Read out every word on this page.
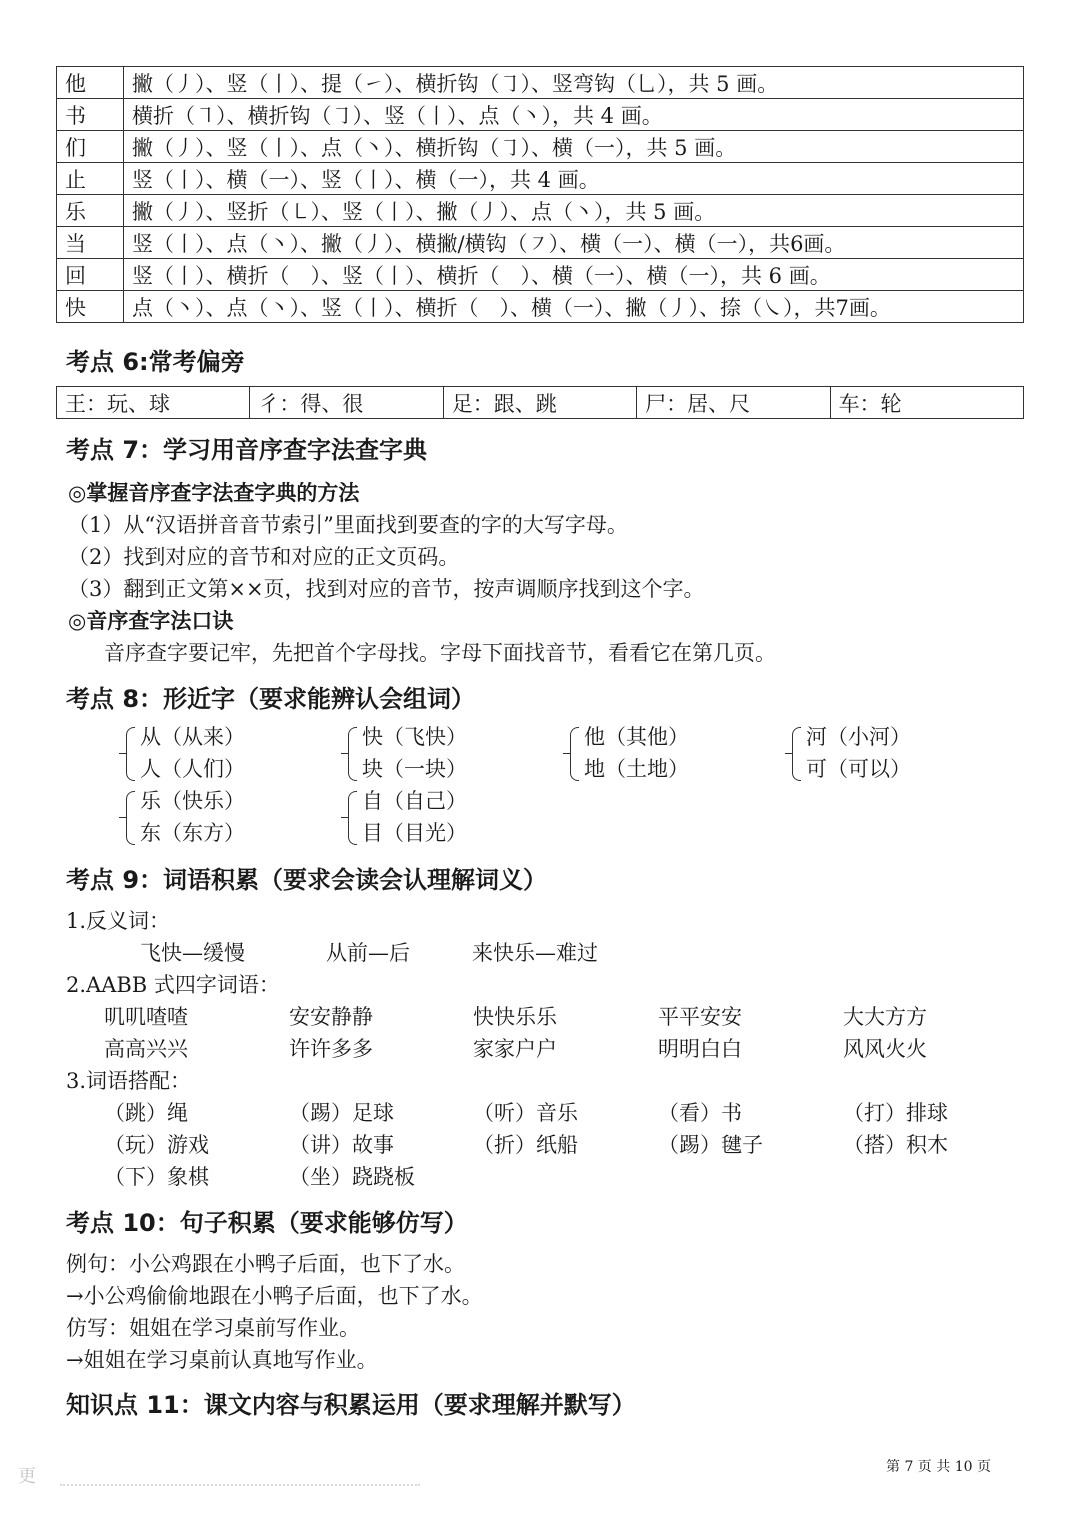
他	撇（丿）、竖（丨）、提（㇀）、横折钩（㇆）、竖弯钩（乚），共 5 画。
书	横折（㇕）、横折钩（㇆）、竖（丨）、点（丶），共 4 画。
们	撇（丿）、竖（丨）、点（丶）、横折钩（㇆）、横（一），共 5 画。
止	竖（丨）、横（一）、竖（丨）、横（一），共 4 画。
乐	撇（丿）、竖折（㇄）、竖（丨）、撇（丿）、点（丶），共 5 画。
当	竖（丨）、点（丶）、撇（丿）、横撇/横钩（㇇）、横（一）、横（一），共6画。
回	竖（丨）、横折（　）、竖（丨）、横折（　）、横（一）、横（一），共 6 画。
快	点（丶）、点（丶）、竖（丨）、横折（　）、横（一）、撇（丿）、捺（㇏），共7画。
考点 6:常考偏旁
王：玩、球	彳：得、很	足：跟、跳	尸：居、尺	车：轮
考点 7：学习用音序查字法查字典
◎掌握音序查字法查字典的方法
（1）从“汉语拼音音节索引”里面找到要查的字的大写字母。
（2）找到对应的音节和对应的正文页码。
（3）翻到正文第××页，找到对应的音节，按声调顺序找到这个字。
◎音序查字法口诀
音序查字要记牢，先把首个字母找。字母下面找音节，看看它在第几页。
考点 8：形近字（要求能辨认会组词）
从（从来）
人（人们）
快（飞快）
块（一块）
他（其他）
地（土地）
河（小河）
可（可以）
乐（快乐）
东（东方）
自（自己）
目（目光）
考点 9：词语积累（要求会读会认理解词义）
1.反义词：
飞快—缓慢	从前—后	来快乐—难过
2.AABB 式四字词语：
叽叽喳喳	安安静静	快快乐乐	平平安安	大大方方
高高兴兴	许许多多	家家户户	明明白白	风风火火
3.词语搭配：
（跳）绳	（踢）足球	（听）音乐	（看）书	（打）排球
（玩）游戏	（讲）故事	（折）纸船	（踢）毽子	（搭）积木
（下）象棋	（坐）跷跷板
考点 10：句子积累（要求能够仿写）
例句：小公鸡跟在小鸭子后面，也下了水。
→小公鸡偷偷地跟在小鸭子后面，也下了水。
仿写：姐姐在学习桌前写作业。
→姐姐在学习桌前认真地写作业。
知识点 11：课文内容与积累运用（要求理解并默写）
第 7 页 共 10 页
更
